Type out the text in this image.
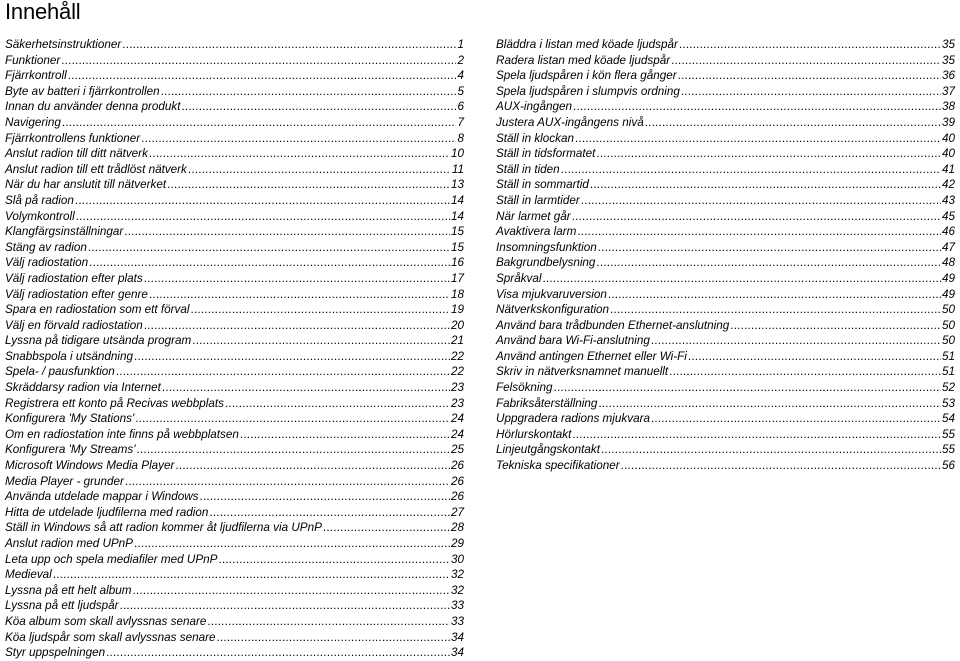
Innehåll
Säkerhetsinstruktioner .....	1
Funktioner .....	2
Fjärrkontroll .....	4
Byte av batteri i fjärrkontrollen .....	5
Innan du använder denna produkt .....	6
Navigering .....	7
Fjärrkontrollens funktioner .....	8
Anslut radion till ditt nätverk .....	10
Anslut radion till ett trådlöst nätverk .....	11
När du har anslutit till nätverket .....	13
Slå på radion .....	14
Volymkontroll .....	14
Klangfärgsinställningar .....	15
Stäng av radion .....	15
Välj radiostation .....	16
Välj radiostation efter plats .....	17
Välj radiostation efter genre .....	18
Spara en radiostation som ett förval .....	19
Välj en förvald radiostation .....	20
Lyssna på tidigare utsända program .....	21
Snabbspola i utsändning .....	22
Spela- / pausfunktion .....	22
Skräddarsy radion via Internet .....	23
Registrera ett konto på Recivas webbplats .....	23
Konfigurera 'My Stations' .....	24
Om en radiostation inte finns på webbplatsen .....	24
Konfigurera 'My Streams' .....	25
Microsoft Windows Media Player .....	26
Media Player - grunder .....	26
Använda utdelade mappar i Windows .....	26
Hitta de utdelade ljudfilerna med radion .....	27
Ställ in Windows så att radion kommer åt ljudfilerna via UPnP .....	28
Anslut radion med UPnP .....	29
Leta upp och spela mediafiler med UPnP .....	30
Medieval .....	32
Lyssna på ett helt album .....	32
Lyssna på ett ljudspår .....	33
Köa album som skall avlyssnas senare .....	33
Köa ljudspår som skall avlyssnas senare .....	34
Styr uppspelningen .....	34
Bläddra i listan med köade ljudspår .....	35
Radera listan med köade ljudspår .....	35
Spela ljudspåren i kön flera gånger .....	36
Spela ljudspåren i slumpvis ordning .....	37
AUX-ingången .....	38
Justera AUX-ingångens nivå .....	39
Ställ in klockan .....	40
Ställ in tidsformatet .....	40
Ställ in tiden .....	41
Ställ in sommartid .....	42
Ställ in larmtider .....	43
När larmet går .....	45
Avaktivera larm .....	46
Insomningsfunktion .....	47
Bakgrundbelysning .....	48
Språkval .....	49
Visa mjukvaruversion .....	49
Nätverkskonfiguration .....	50
Använd bara trådbunden Ethernet-anslutning .....	50
Använd bara Wi-Fi-anslutning .....	50
Använd antingen Ethernet eller Wi-Fi .....	51
Skriv in nätverksnamnet manuellt .....	51
Felsökning .....	52
Fabriksåterställning .....	53
Uppgradera radions mjukvara .....	54
Hörlurskontakt .....	55
Linjeutgångskontakt .....	55
Tekniska specifikationer .....	56
